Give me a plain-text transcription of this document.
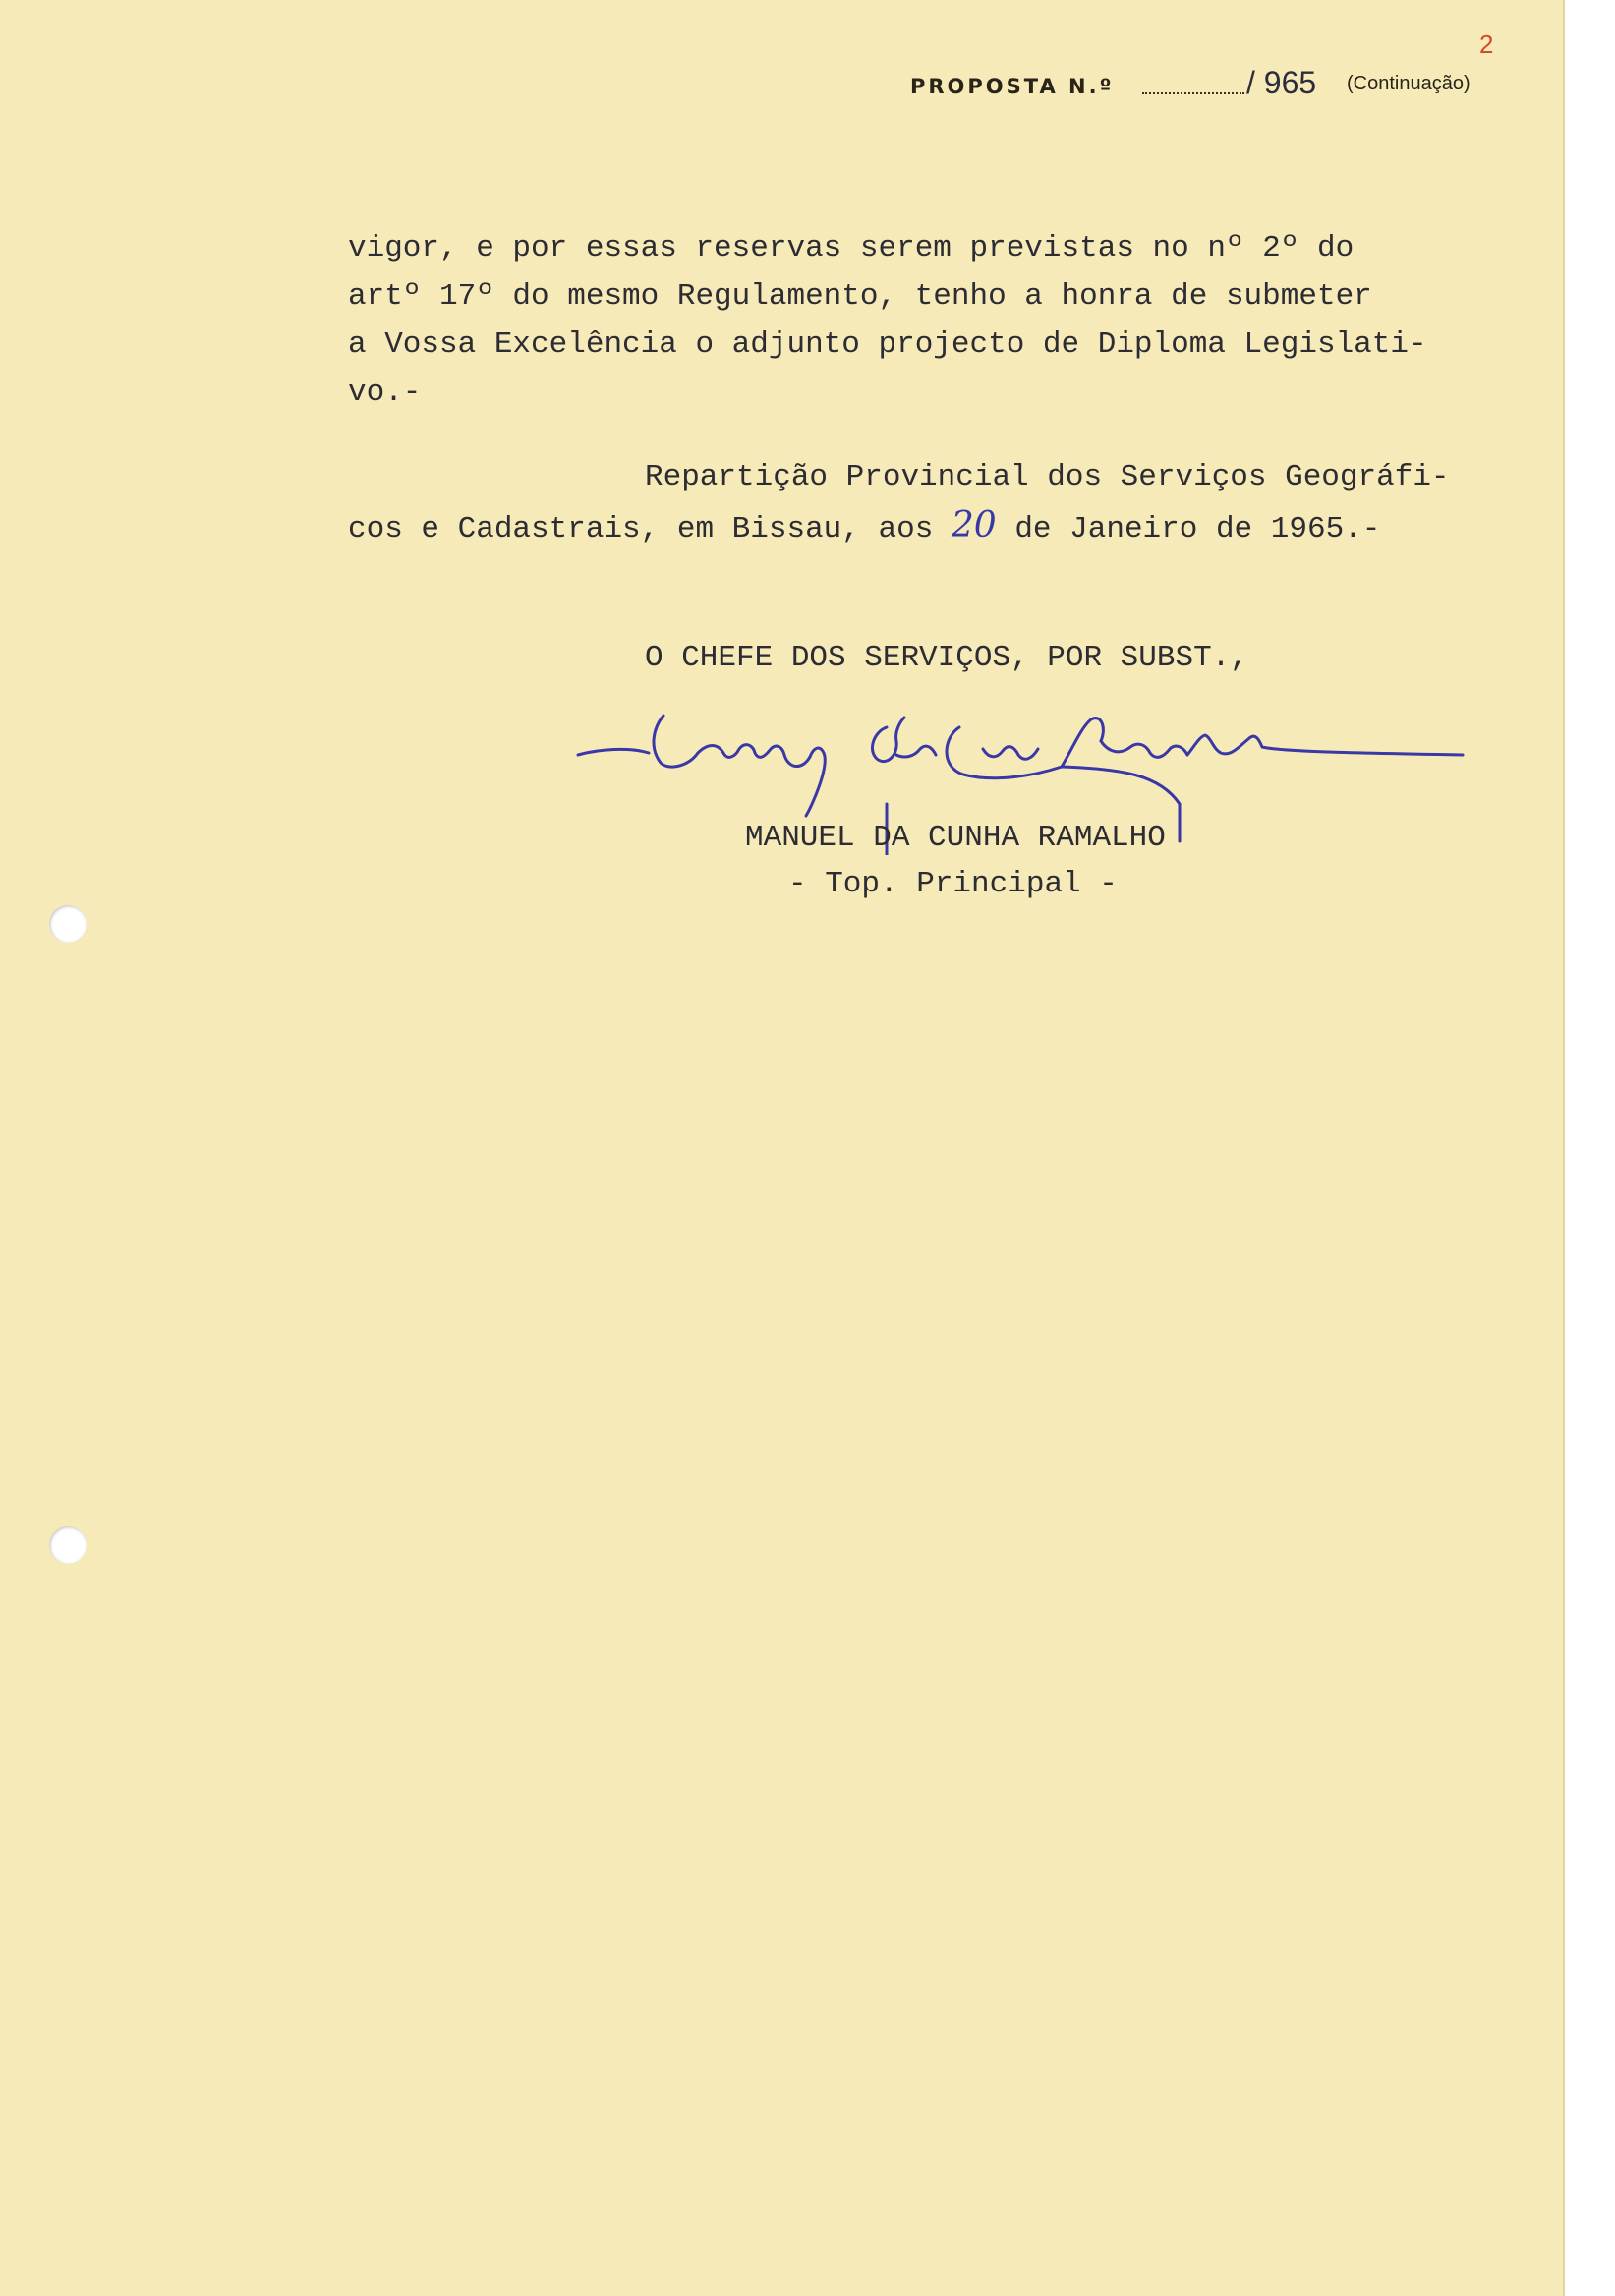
2
PROPOSTA N.º	/ 965 (Continuação)
vigor, e por essas reservas serem previstas no nº 2º do
artº 17º do mesmo Regulamento, tenho a honra de submeter
a Vossa Excelência o adjunto projecto de Diploma Legislati-
vo.-
Repartição Provincial dos Serviços Geográfi-
cos e Cadastrais, em Bissau, aos 20 de Janeiro de 1965.-
O CHEFE DOS SERVIÇOS, POR SUBST.,
MANUEL DA CUNHA RAMALHO
- Top. Principal -
